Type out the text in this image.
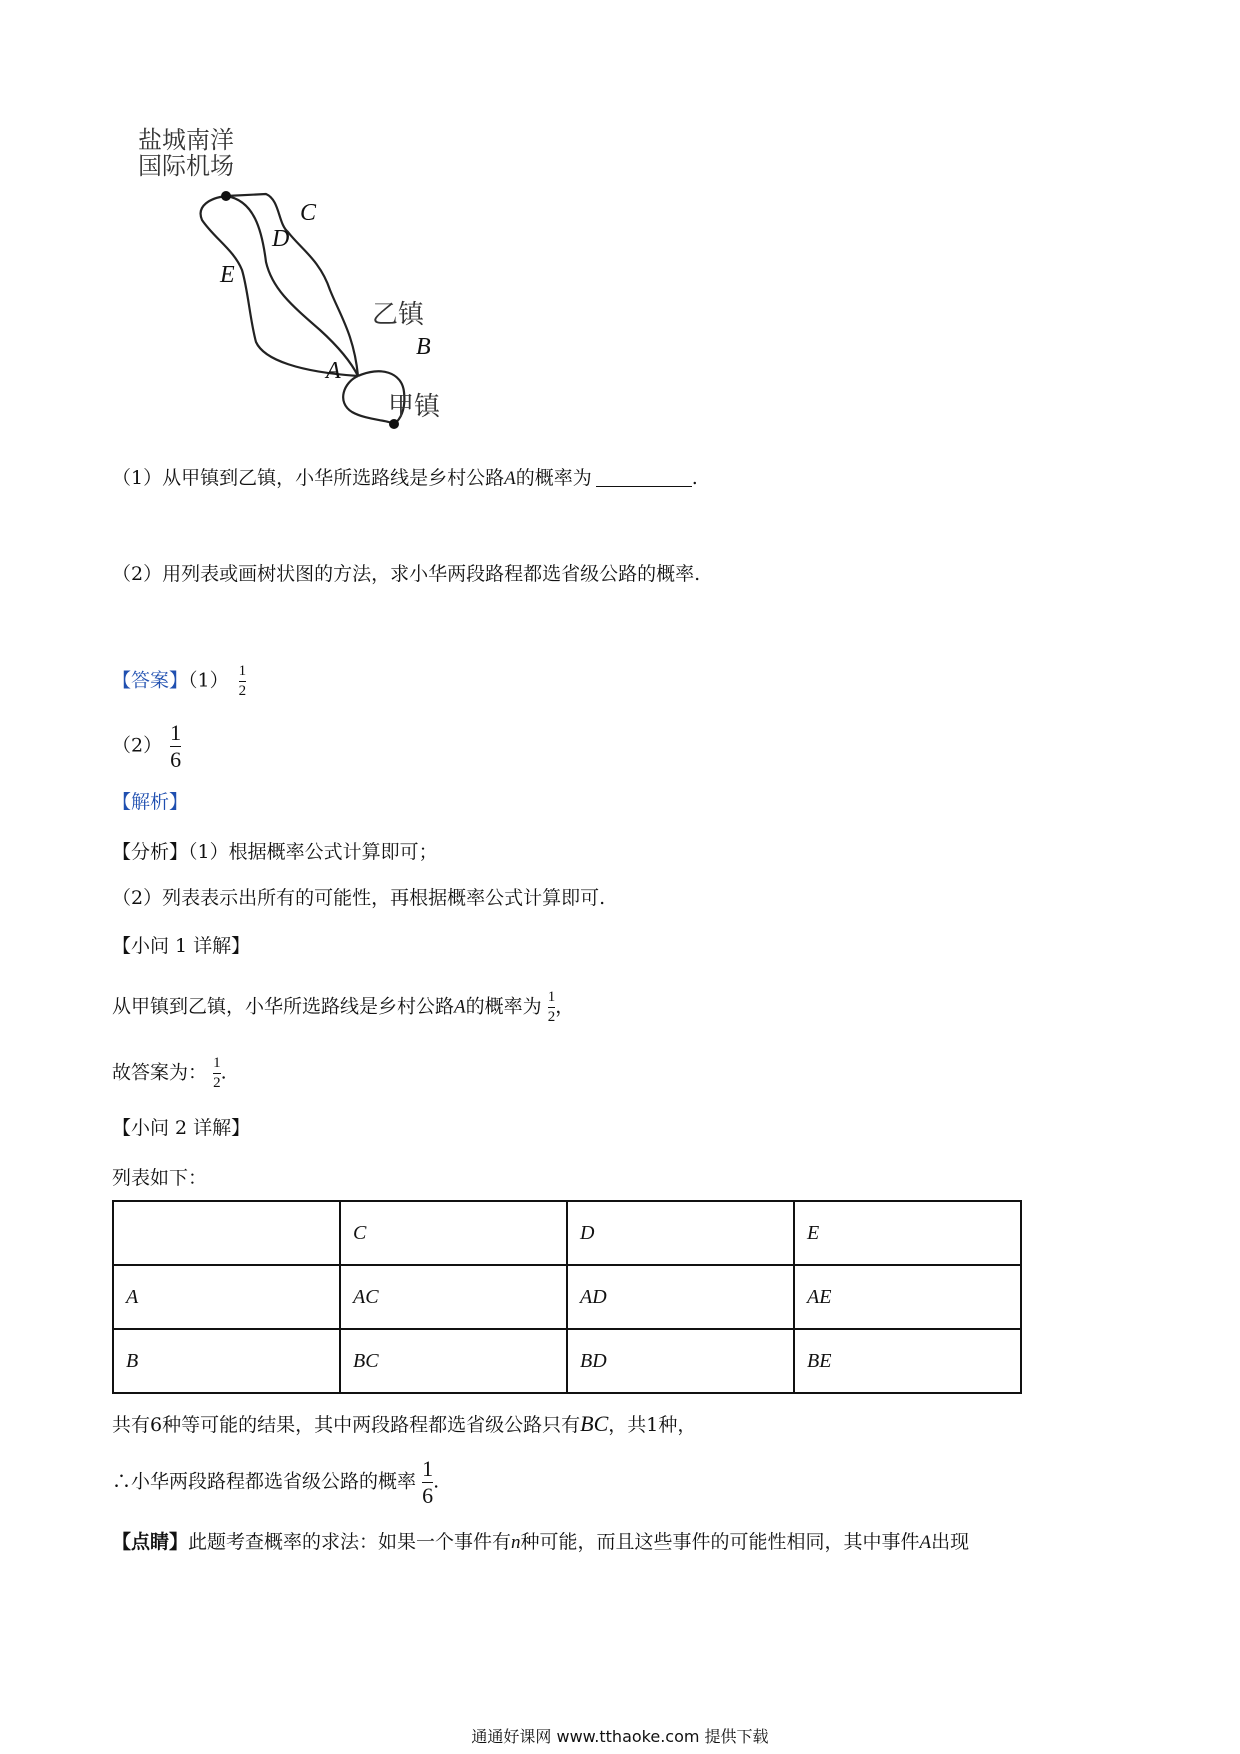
盐城南洋
国际机场
C
D
E
乙镇
B
A
甲镇
（1）从甲镇到乙镇，小华所选路线是乡村公路A的概率为	.
（2）用列表或画树状图的方法，求小华两段路程都选省级公路的概率.
【答案】$(1) \frac{1}{2}$
$(2) \frac{1}{6}$
【解析】
【分析】（1）根据概率公式计算即可；
（2）列表表示出所有的可能性，再根据概率公式计算即可.
【小问 1 详解】
从甲镇到乙镇，小华所选路线是乡村公路A的概率为 $\frac{1}{2}$ ，
故答案为： $\frac{1}{2}$ .
【小问 2 详解】
列表如下：
	C	D	E
A	AC	AD	AE
B	BC	BD	BE
共有6种等可能的结果，其中两段路程都选省级公路只有BC，共1种，
∴小华两段路程都选省级公路的概率 $\frac{1}{6}$ .
【点睛】此题考查概率的求法：如果一个事件有n种可能，而且这些事件的可能性相同，其中事件A出现
通通好课网 www.tthaoke.com 提供下载
